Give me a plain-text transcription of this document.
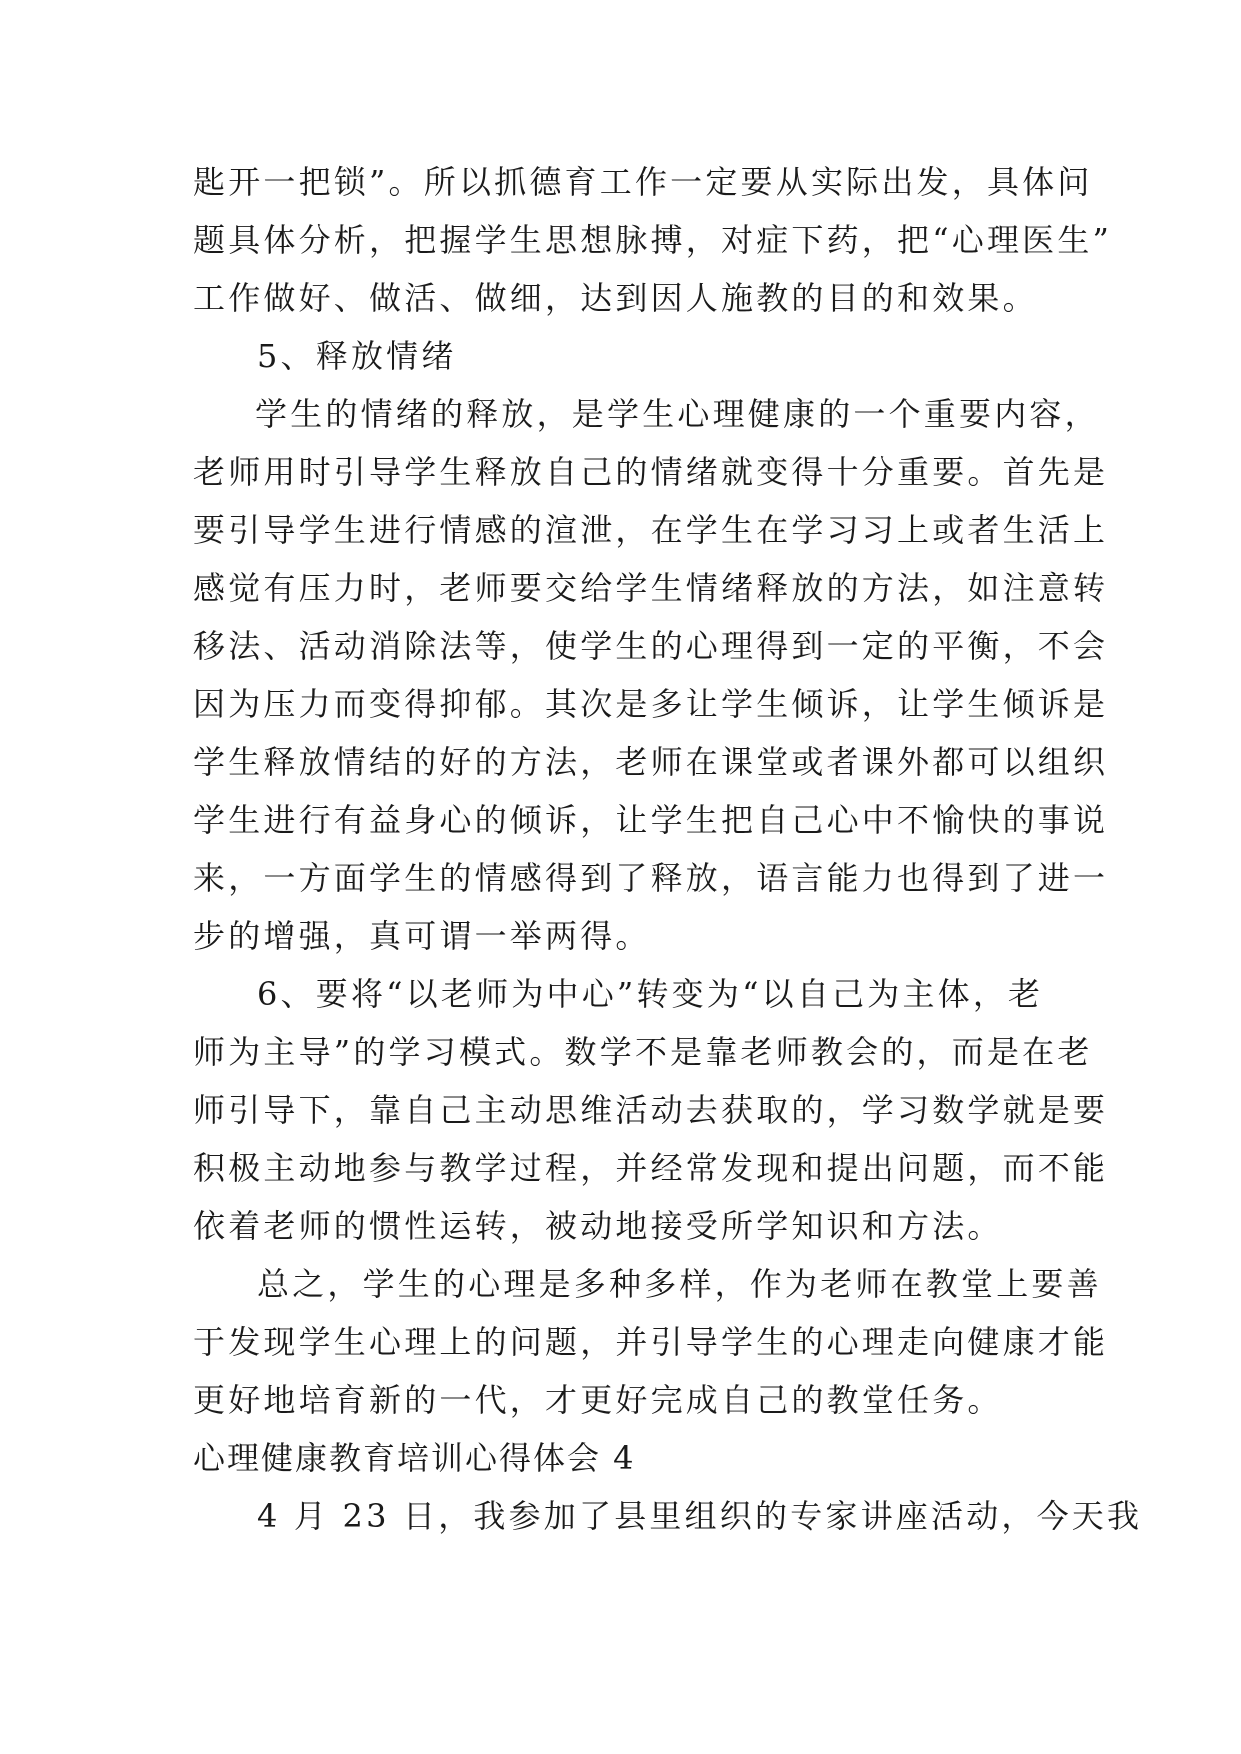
匙开一把锁”。所以抓德育工作一定要从实际出发，具体问
题具体分析，把握学生思想脉搏，对症下药，把“心理医生”
工作做好、做活、做细，达到因人施教的目的和效果。
5、释放情绪
学生的情绪的释放，是学生心理健康的一个重要内容，
老师用时引导学生释放自己的情绪就变得十分重要。首先是
要引导学生进行情感的渲泄，在学生在学习习上或者生活上
感觉有压力时，老师要交给学生情绪释放的方法，如注意转
移法、活动消除法等，使学生的心理得到一定的平衡，不会
因为压力而变得抑郁。其次是多让学生倾诉，让学生倾诉是
学生释放情结的好的方法，老师在课堂或者课外都可以组织
学生进行有益身心的倾诉，让学生把自己心中不愉快的事说
来，一方面学生的情感得到了释放，语言能力也得到了进一
步的增强，真可谓一举两得。
6、要将“以老师为中心”转变为“以自己为主体，老
师为主导”的学习模式。数学不是靠老师教会的，而是在老
师引导下，靠自己主动思维活动去获取的，学习数学就是要
积极主动地参与教学过程，并经常发现和提出问题，而不能
依着老师的惯性运转，被动地接受所学知识和方法。
总之，学生的心理是多种多样，作为老师在教堂上要善
于发现学生心理上的问题，并引导学生的心理走向健康才能
更好地培育新的一代，才更好完成自己的教堂任务。
心理健康教育培训心得体会 4
4 月 23 日，我参加了县里组织的专家讲座活动，今天我
